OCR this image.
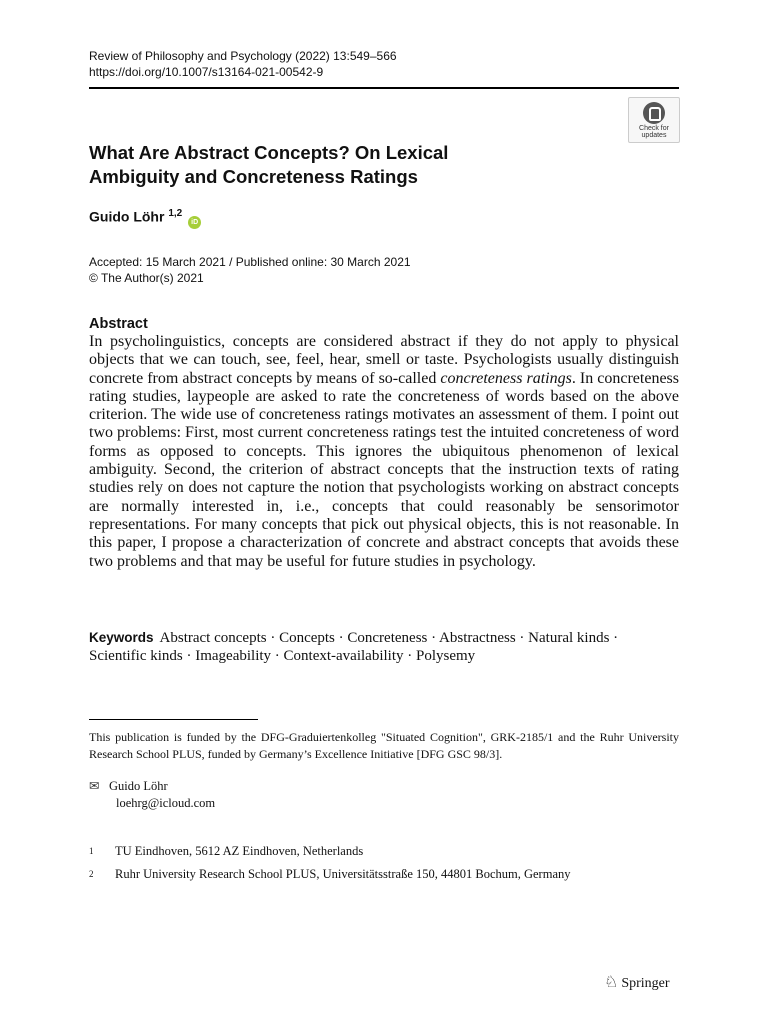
Review of Philosophy and Psychology (2022) 13:549–566
https://doi.org/10.1007/s13164-021-00542-9
Check for
updates
What Are Abstract Concepts? On Lexical
Ambiguity and Concreteness Ratings
Guido Löhr $^{1,2}$ iD
Accepted: 15 March 2021 / Published online: 30 March 2021
© The Author(s) 2021
Abstract
In psycholinguistics, concepts are considered abstract if they do not apply to physical objects that we can touch, see, feel, hear, smell or taste. Psychologists usually distinguish concrete from abstract concepts by means of so-called concreteness ratings. In concreteness rating studies, laypeople are asked to rate the concreteness of words based on the above criterion. The wide use of concreteness ratings motivates an assessment of them. I point out two problems: First, most current concreteness ratings test the intuited concreteness of word forms as opposed to concepts. This ignores the ubiquitous phenomenon of lexical ambiguity. Second, the criterion of abstract concepts that the instruction texts of rating studies rely on does not capture the notion that psychologists working on abstract concepts are normally interested in, i.e., concepts that could reasonably be sensorimotor representations. For many concepts that pick out physical objects, this is not reasonable. In this paper, I propose a characterization of concrete and abstract concepts that avoids these two problems and that may be useful for future studies in psychology.
Keywords Abstract concepts · Concepts · Concreteness · Abstractness · Natural kinds · Scientific kinds · Imageability · Context-availability · Polysemy
This publication is funded by the DFG-Graduiertenkolleg "Situated Cognition", GRK-2185/1 and the Ruhr University Research School PLUS, funded by Germany’s Excellence Initiative [DFG GSC 98/3].
✉ Guido Löhr
loehrg@icloud.com
1 TU Eindhoven, 5612 AZ Eindhoven, Netherlands
2 Ruhr University Research School PLUS, Universitätsstraße 150, 44801 Bochum, Germany
♘ Springer
